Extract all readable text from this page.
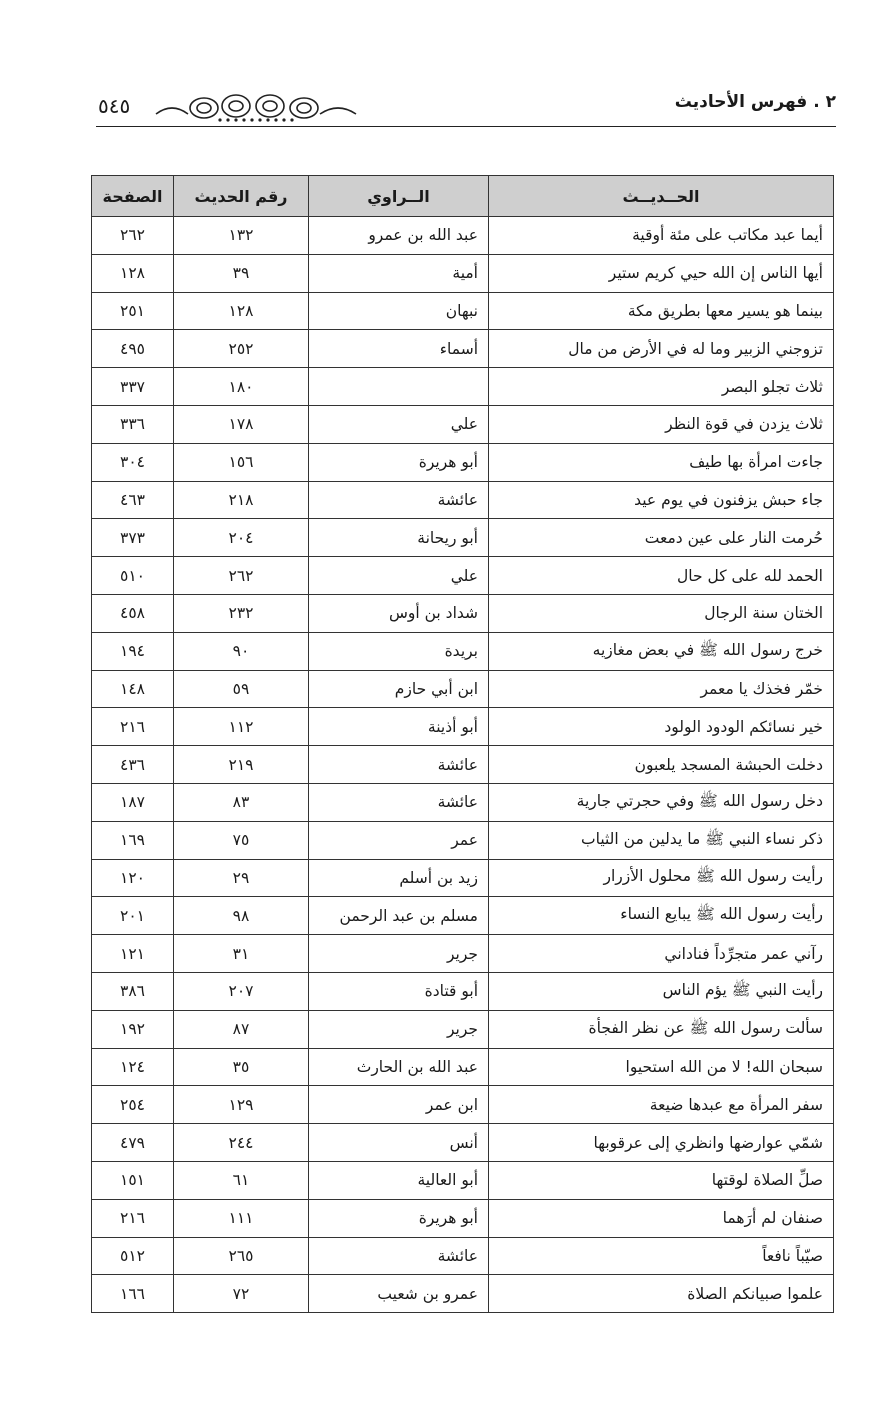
٢ . فهرس الأحاديث
٥٤٥
الحــديــث	الــراوي	رقم الحديث	الصفحة
أيما عبد مكاتب على مئة أوقية	عبد الله بن عمرو	١٣٢	٢٦٢
أيها الناس إن الله حيي كريم ستير	أمية	٣٩	١٢٨
بينما هو يسير معها بطريق مكة	نبهان	١٢٨	٢٥١
تزوجني الزبير وما له في الأرض من مال	أسماء	٢٥٢	٤٩٥
ثلاث تجلو البصر		١٨٠	٣٣٧
ثلاث يزدن في قوة النظر	علي	١٧٨	٣٣٦
جاءت امرأة بها طيف	أبو هريرة	١٥٦	٣٠٤
جاء حبش يزفنون في يوم عيد	عائشة	٢١٨	٤٦٣
حُرمت النار على عين دمعت	أبو ريحانة	٢٠٤	٣٧٣
الحمد لله على كل حال	علي	٢٦٢	٥١٠
الختان سنة الرجال	شداد بن أوس	٢٣٢	٤٥٨
خرج رسول الله ﷺ في بعض مغازيه	بريدة	٩٠	١٩٤
خمّر فخذك يا معمر	ابن أبي حازم	٥٩	١٤٨
خير نسائكم الودود الولود	أبو أذينة	١١٢	٢١٦
دخلت الحبشة المسجد يلعبون	عائشة	٢١٩	٤٣٦
دخل رسول الله ﷺ وفي حجرتي جارية	عائشة	٨٣	١٨٧
ذكر نساء النبي ﷺ ما يدلين من الثياب	عمر	٧٥	١٦٩
رأيت رسول الله ﷺ محلول الأزرار	زيد بن أسلم	٢٩	١٢٠
رأيت رسول الله ﷺ يبايع النساء	مسلم بن عبد الرحمن	٩٨	٢٠١
رآني عمر متجرِّداً فناداني	جرير	٣١	١٢١
رأيت النبي ﷺ يؤم الناس	أبو قتادة	٢٠٧	٣٨٦
سألت رسول الله ﷺ عن نظر الفجأة	جرير	٨٧	١٩٢
سبحان الله! لا من الله استحيوا	عبد الله بن الحارث	٣٥	١٢٤
سفر المرأة مع عبدها ضيعة	ابن عمر	١٢٩	٢٥٤
شمّي عوارضها وانظري إلى عرقوبها	أنس	٢٤٤	٤٧٩
صلِّ الصلاة لوقتها	أبو العالية	٦١	١٥١
صنفان لم أرَهما	أبو هريرة	١١١	٢١٦
صيّباً نافعاً	عائشة	٢٦٥	٥١٢
علموا صبيانكم الصلاة	عمرو بن شعيب	٧٢	١٦٦
